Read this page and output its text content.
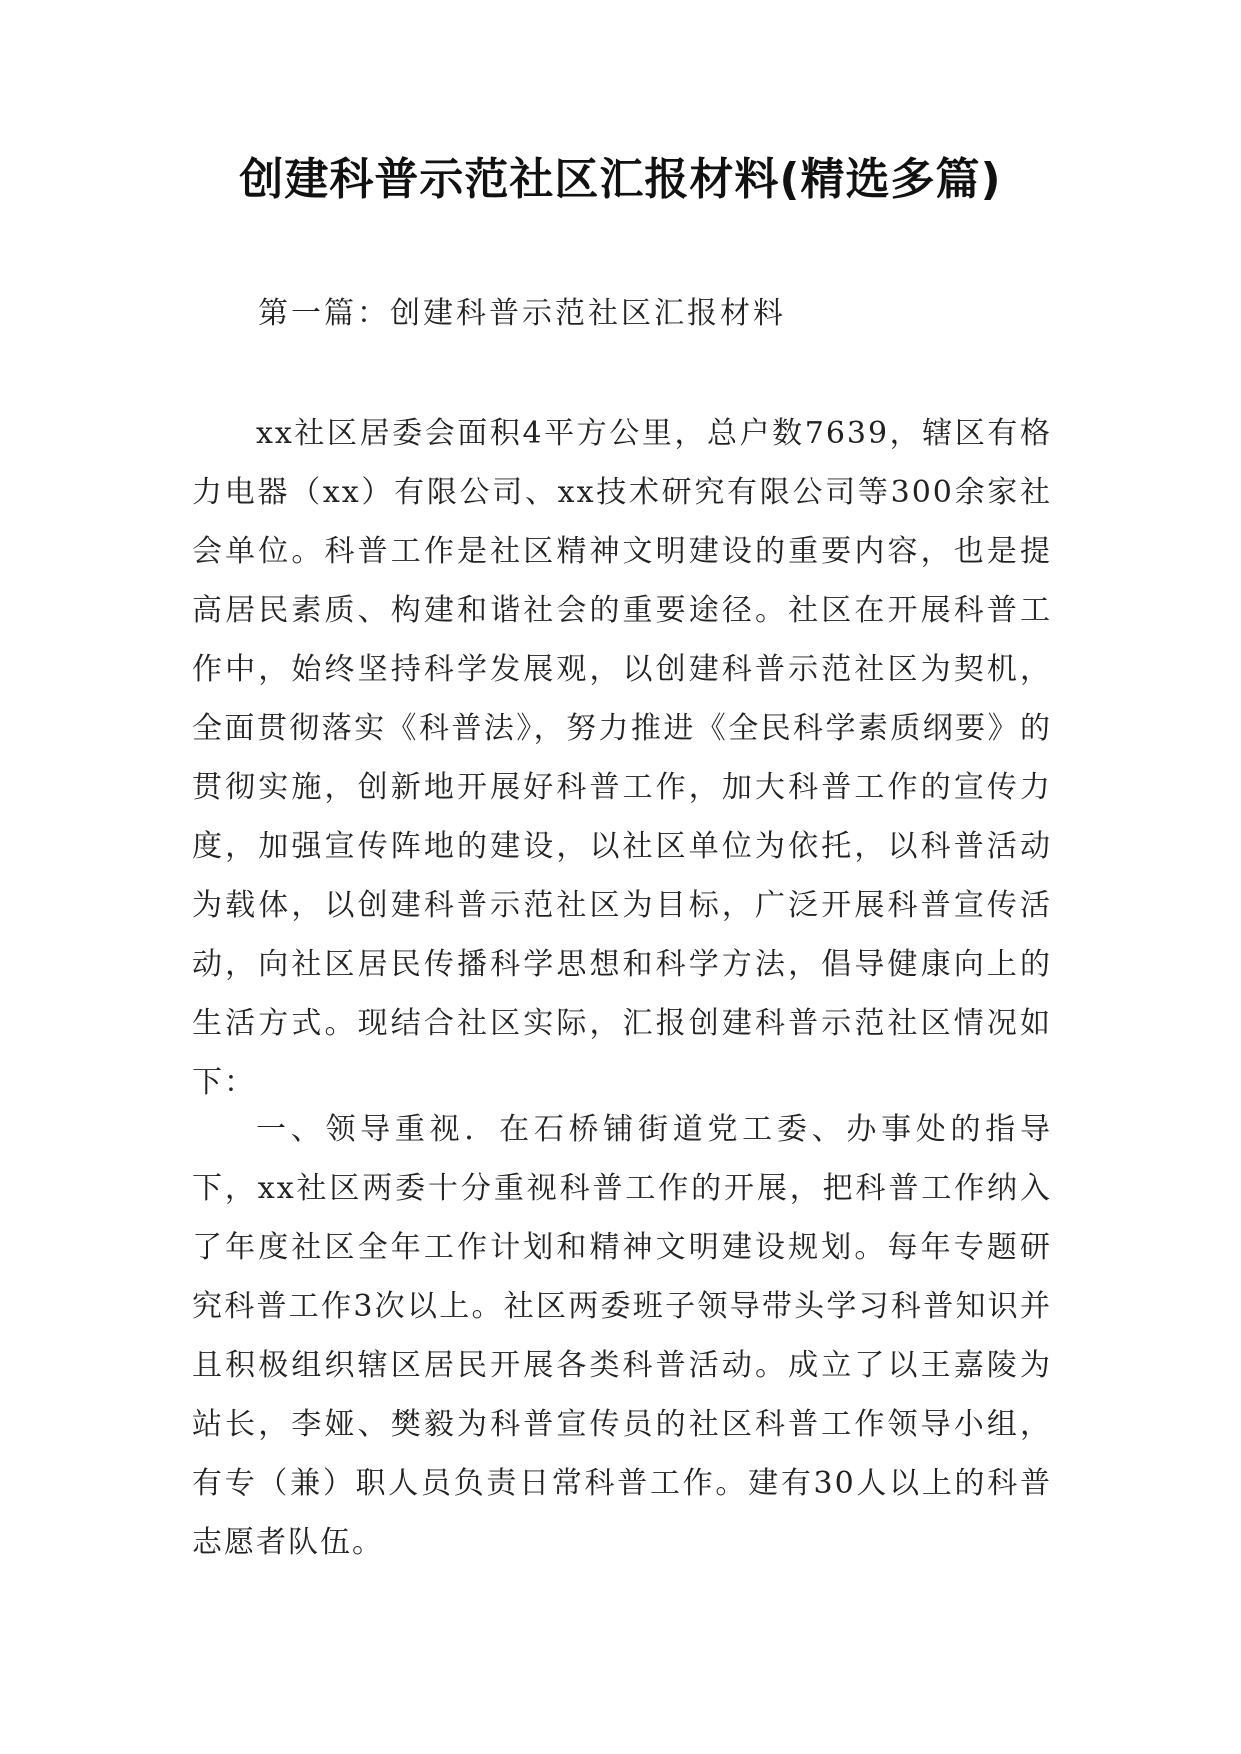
创建科普示范社区汇报材料(精选多篇)
第一篇：创建科普示范社区汇报材料

xx社区居委会面积4平方公里，总户数7639，辖区有格力电器（xx）有限公司、xx技术研究有限公司等300余家社会单位。科普工作是社区精神文明建设的重要内容，也是提高居民素质、构建和谐社会的重要途径。社区在开展科普工作中，始终坚持科学发展观，以创建科普示范社区为契机，全面贯彻落实《科普法》，努力推进《全民科学素质纲要》的贯彻实施，创新地开展好科普工作，加大科普工作的宣传力度，加强宣传阵地的建设，以社区单位为依托，以科普活动为载体，以创建科普示范社区为目标，广泛开展科普宣传活动，向社区居民传播科学思想和科学方法，倡导健康向上的生活方式。现结合社区实际，汇报创建科普示范社区情况如下：

一、领导重视．在石桥铺街道党工委、办事处的指导下，xx社区两委十分重视科普工作的开展，把科普工作纳入了年度社区全年工作计划和精神文明建设规划。每年专题研究科普工作3次以上。社区两委班子领导带头学习科普知识并且积极组织辖区居民开展各类科普活动。成立了以王嘉陵为站长，李娅、樊毅为科普宣传员的社区科普工作领导小组，有专（兼）职人员负责日常科普工作。建有30人以上的科普志愿者队伍。
